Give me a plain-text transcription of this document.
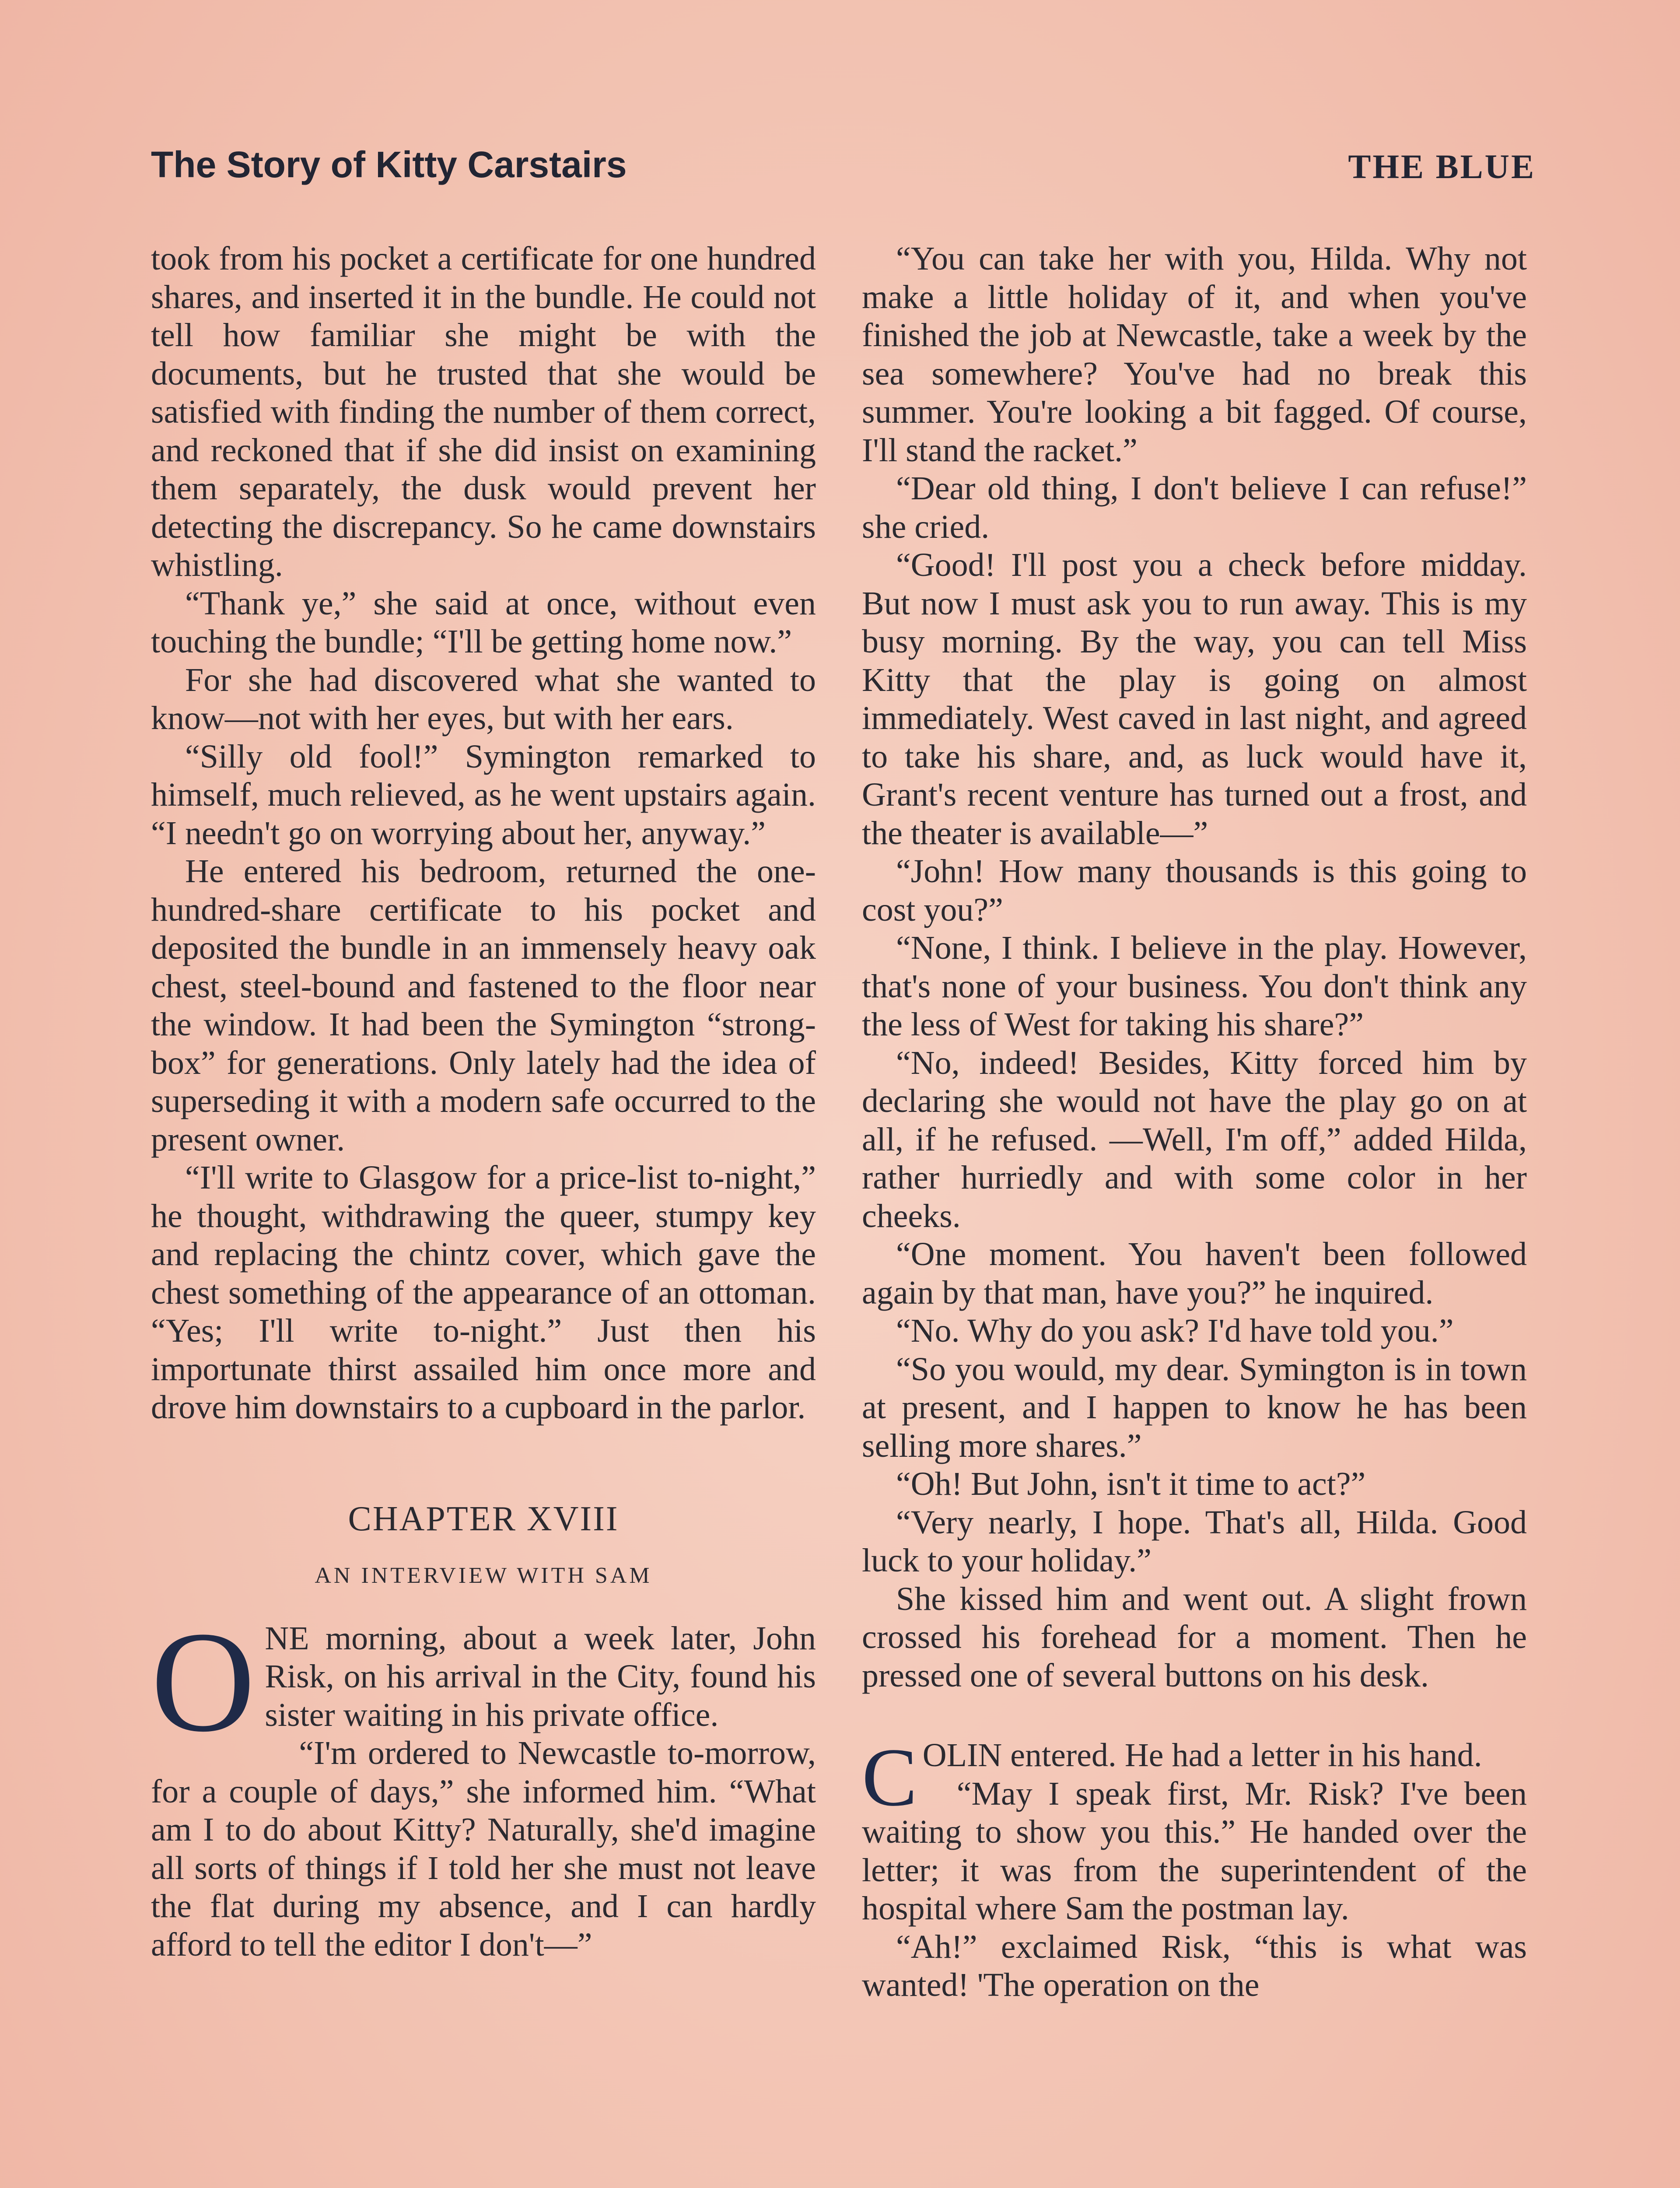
The Story of Kitty Carstairs	THE BLUE

took from his pocket a certificate for one hundred shares, and inserted it in the bundle. He could not tell how familiar she might be with the documents, but he trusted that she would be satisfied with finding the number of them correct, and reckoned that if she did insist on examining them separately, the dusk would prevent her detecting the discrepancy. So he came downstairs whistling.

“Thank ye,” she said at once, without even touching the bundle; “I'll be getting home now.”

For she had discovered what she wanted to know—not with her eyes, but with her ears.

“Silly old fool!” Symington remarked to himself, much relieved, as he went upstairs again. “I needn't go on worrying about her, anyway.”

He entered his bedroom, returned the one-hundred-share certificate to his pocket and deposited the bundle in an immensely heavy oak chest, steel-bound and fastened to the floor near the window. It had been the Symington “strong-box” for generations. Only lately had the idea of superseding it with a modern safe occurred to the present owner.

“I'll write to Glasgow for a price-list to-night,” he thought, withdrawing the queer, stumpy key and replacing the chintz cover, which gave the chest something of the appearance of an ottoman. “Yes; I'll write to-night.” Just then his importunate thirst assailed him once more and drove him downstairs to a cupboard in the parlor.

CHAPTER XVIII
AN INTERVIEW WITH SAM

ONE morning, about a week later, John Risk, on his arrival in the City, found his sister waiting in his private office.

“I'm ordered to Newcastle to-morrow, for a couple of days,” she informed him. “What am I to do about Kitty? Naturally, she'd imagine all sorts of things if I told her she must not leave the flat during my absence, and I can hardly afford to tell the editor I don't—”

“You can take her with you, Hilda. Why not make a little holiday of it, and when you've finished the job at Newcastle, take a week by the sea somewhere? You've had no break this summer. You're looking a bit fagged. Of course, I'll stand the racket.”

“Dear old thing, I don't believe I can refuse!” she cried.

“Good! I'll post you a check before midday. But now I must ask you to run away. This is my busy morning. By the way, you can tell Miss Kitty that the play is going on almost immediately. West caved in last night, and agreed to take his share, and, as luck would have it, Grant's recent venture has turned out a frost, and the theater is available—”

“John! How many thousands is this going to cost you?”

“None, I think. I believe in the play. However, that's none of your business. You don't think any the less of West for taking his share?”

“No, indeed! Besides, Kitty forced him by declaring she would not have the play go on at all, if he refused. —Well, I'm off,” added Hilda, rather hurriedly and with some color in her cheeks.

“One moment. You haven't been followed again by that man, have you?” he inquired.

“No. Why do you ask? I'd have told you.”

“So you would, my dear. Symington is in town at present, and I happen to know he has been selling more shares.”

“Oh! But John, isn't it time to act?”

“Very nearly, I hope. That's all, Hilda. Good luck to your holiday.”

She kissed him and went out. A slight frown crossed his forehead for a moment. Then he pressed one of several buttons on his desk.

COLIN entered. He had a letter in his hand.

“May I speak first, Mr. Risk? I've been waiting to show you this.” He handed over the letter; it was from the superintendent of the hospital where Sam the postman lay.

“Ah!” exclaimed Risk, “this is what was wanted! 'The operation on the
